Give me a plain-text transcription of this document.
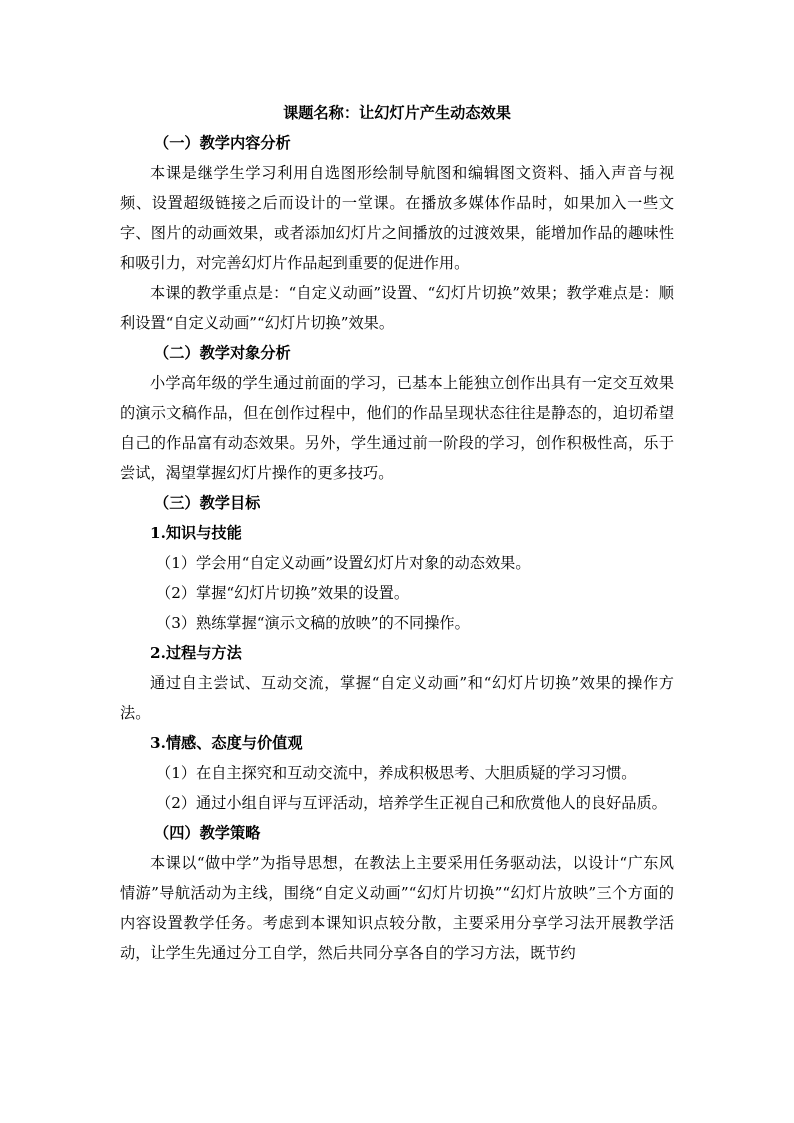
课题名称：让幻灯片产生动态效果

（一）教学内容分析

本课是继学生学习利用自选图形绘制导航图和编辑图文资料、插入声音与视频、设置超级链接之后而设计的一堂课。在播放多媒体作品时，如果加入一些文字、图片的动画效果，或者添加幻灯片之间播放的过渡效果，能增加作品的趣味性和吸引力，对完善幻灯片作品起到重要的促进作用。

本课的教学重点是：“自定义动画”设置、“幻灯片切换”效果；教学难点是：顺利设置“自定义动画”“幻灯片切换”效果。

（二）教学对象分析

小学高年级的学生通过前面的学习，已基本上能独立创作出具有一定交互效果的演示文稿作品，但在创作过程中，他们的作品呈现状态往往是静态的，迫切希望自己的作品富有动态效果。另外，学生通过前一阶段的学习，创作积极性高，乐于尝试，渴望掌握幻灯片操作的更多技巧。

（三）教学目标

1.知识与技能

（1）学会用“自定义动画”设置幻灯片对象的动态效果。

（2）掌握“幻灯片切换”效果的设置。

（3）熟练掌握“演示文稿的放映”的不同操作。

2.过程与方法

通过自主尝试、互动交流，掌握“自定义动画”和“幻灯片切换”效果的操作方法。

3.情感、态度与价值观

（1）在自主探究和互动交流中，养成积极思考、大胆质疑的学习习惯。

（2）通过小组自评与互评活动，培养学生正视自己和欣赏他人的良好品质。

（四）教学策略

本课以“做中学”为指导思想，在教法上主要采用任务驱动法，以设计“广东风情游”导航活动为主线，围绕“自定义动画”“幻灯片切换”“幻灯片放映”三个方面的内容设置教学任务。考虑到本课知识点较分散，主要采用分享学习法开展教学活动，让学生先通过分工自学，然后共同分享各自的学习方法，既节约
